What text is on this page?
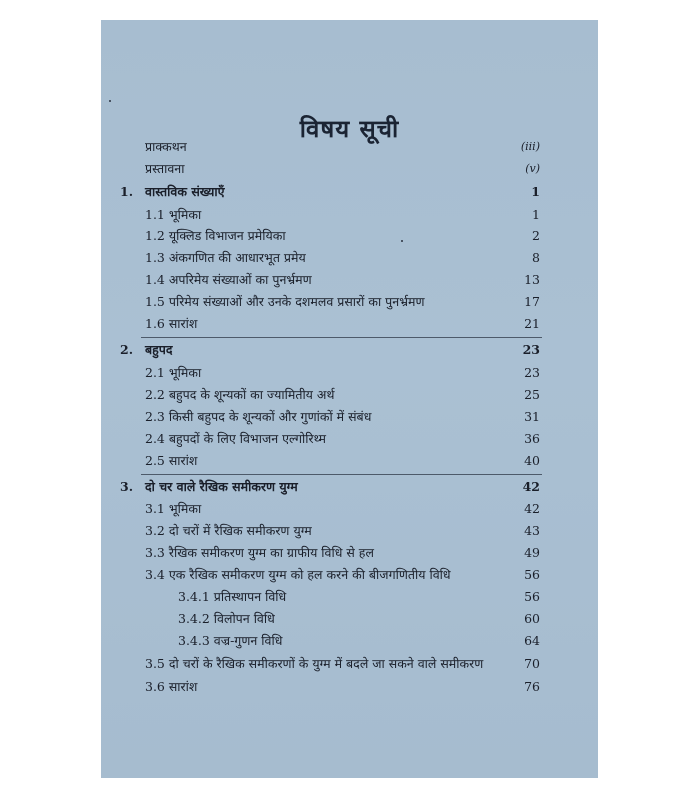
विषय सूची
प्राक्कथन	(iii)
प्रस्तावना	(v)
1. वास्तविक संख्याएँ	1
1.1 भूमिका	1
1.2 यूक्लिड विभाजन प्रमेयिका	2
1.3 अंकगणित की आधारभूत प्रमेय	8
1.4 अपरिमेय संख्याओं का पुनर्भ्रमण	13
1.5 परिमेय संख्याओं और उनके दशमलव प्रसारों का पुनर्भ्रमण	17
1.6 सारांश	21
2. बहुपद	23
2.1 भूमिका	23
2.2 बहुपद के शून्यकों का ज्यामितीय अर्थ	25
2.3 किसी बहुपद के शून्यकों और गुणांकों में संबंध	31
2.4 बहुपदों के लिए विभाजन एल्गोरिथ्म	36
2.5 सारांश	40
3. दो चर वाले रैखिक समीकरण युग्म	42
3.1 भूमिका	42
3.2 दो चरों में रैखिक समीकरण युग्म	43
3.3 रैखिक समीकरण युग्म का ग्राफीय विधि से हल	49
3.4 एक रैखिक समीकरण युग्म को हल करने की बीजगणितीय विधि	56
3.4.1 प्रतिस्थापन विधि	56
3.4.2 विलोपन विधि	60
3.4.3 वज्र-गुणन विधि	64
3.5 दो चरों के रैखिक समीकरणों के युग्म में बदले जा सकने वाले समीकरण	70
3.6 सारांश	76
